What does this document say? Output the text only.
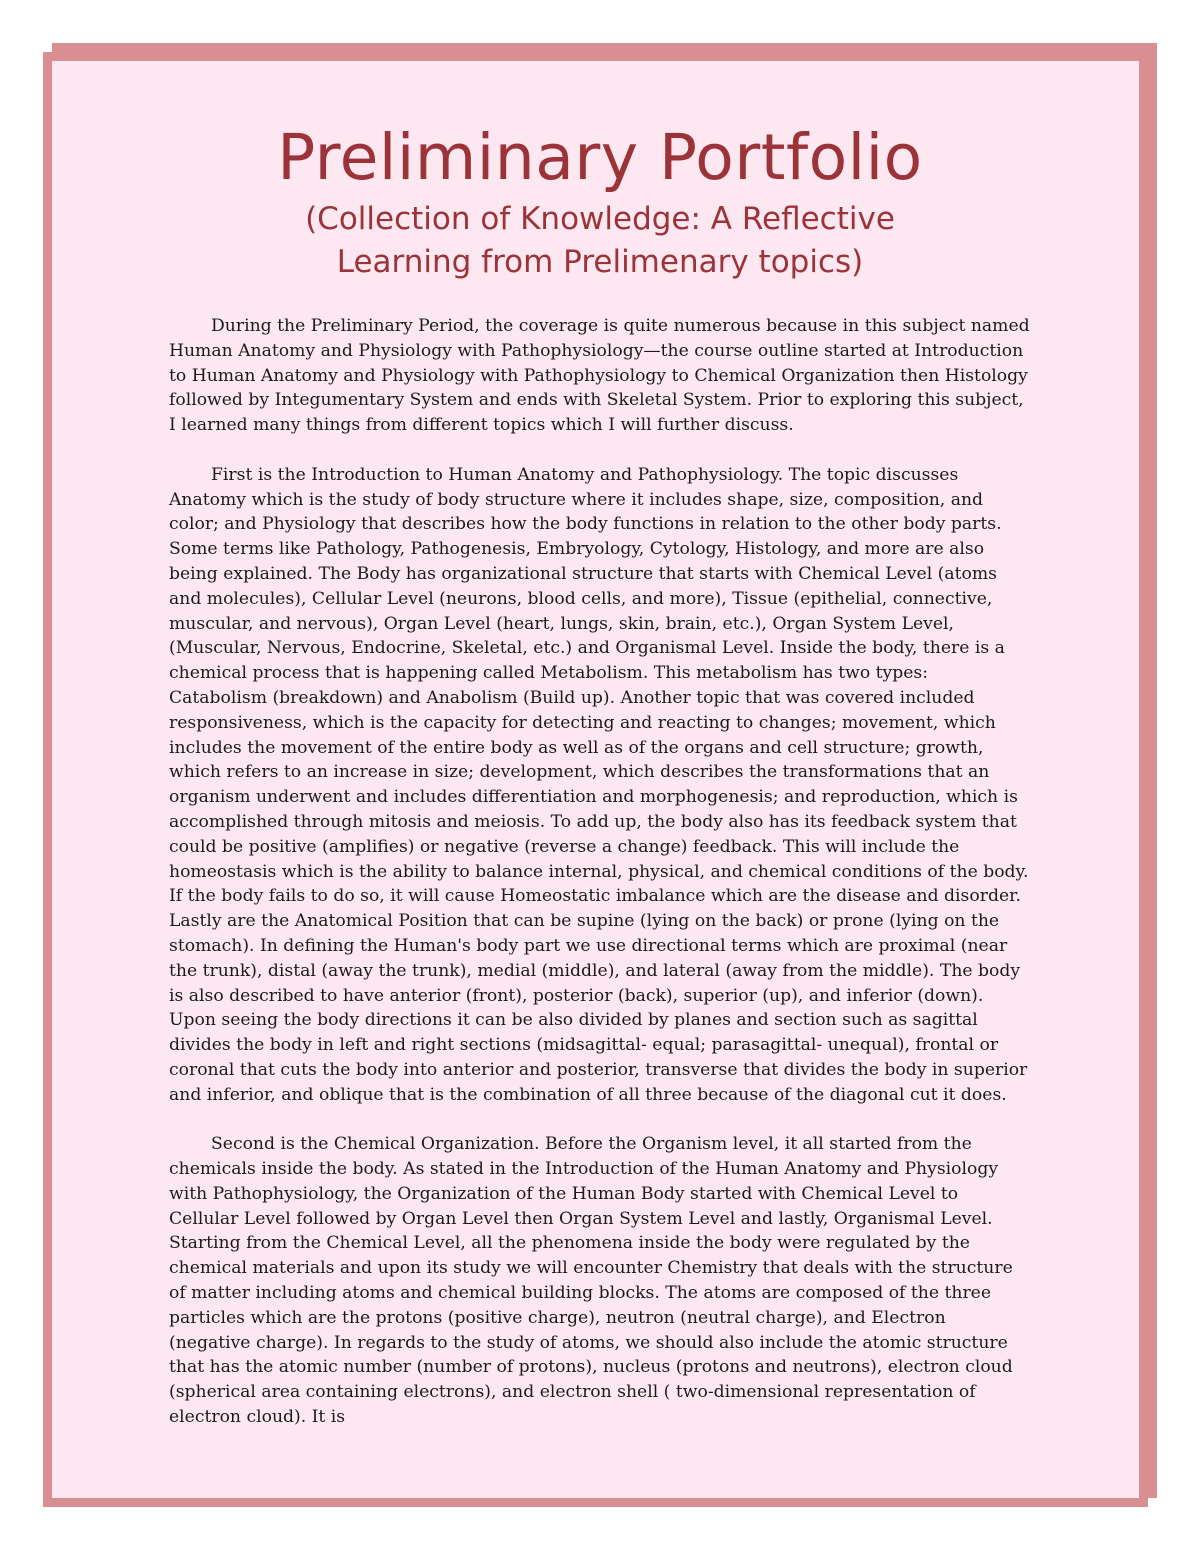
Preliminary Portfolio
(Collection of Knowledge: A Reflective Learning from Prelimenary topics)

During the Preliminary Period, the coverage is quite numerous because in this subject named Human Anatomy and Physiology with Pathophysiology—the course outline started at Introduction to Human Anatomy and Physiology with Pathophysiology to Chemical Organization then Histology followed by Integumentary System and ends with Skeletal System. Prior to exploring this subject, I learned many things from different topics which I will further discuss.

First is the Introduction to Human Anatomy and Pathophysiology. The topic discusses Anatomy which is the study of body structure where it includes shape, size, composition, and color; and Physiology that describes how the body functions in relation to the other body parts. Some terms like Pathology, Pathogenesis, Embryology, Cytology, Histology, and more are also being explained. The Body has organizational structure that starts with Chemical Level (atoms and molecules), Cellular Level (neurons, blood cells, and more), Tissue (epithelial, connective, muscular, and nervous), Organ Level (heart, lungs, skin, brain, etc.), Organ System Level, (Muscular, Nervous, Endocrine, Skeletal, etc.) and Organismal Level. Inside the body, there is a chemical process that is happening called Metabolism. This metabolism has two types: Catabolism (breakdown) and Anabolism (Build up). Another topic that was covered included responsiveness, which is the capacity for detecting and reacting to changes; movement, which includes the movement of the entire body as well as of the organs and cell structure; growth, which refers to an increase in size; development, which describes the transformations that an organism underwent and includes differentiation and morphogenesis; and reproduction, which is accomplished through mitosis and meiosis. To add up, the body also has its feedback system that could be positive (amplifies) or negative (reverse a change) feedback. This will include the homeostasis which is the ability to balance internal, physical, and chemical conditions of the body. If the body fails to do so, it will cause Homeostatic imbalance which are the disease and disorder. Lastly are the Anatomical Position that can be supine (lying on the back) or prone (lying on the stomach). In defining the Human's body part we use directional terms which are proximal (near the trunk), distal (away the trunk), medial (middle), and lateral (away from the middle). The body is also described to have anterior (front), posterior (back), superior (up), and inferior (down). Upon seeing the body directions it can be also divided by planes and section such as sagittal divides the body in left and right sections (midsagittal- equal; parasagittal- unequal), frontal or coronal that cuts the body into anterior and posterior, transverse that divides the body in superior and inferior, and oblique that is the combination of all three because of the diagonal cut it does.

Second is the Chemical Organization. Before the Organism level, it all started from the chemicals inside the body. As stated in the Introduction of the Human Anatomy and Physiology with Pathophysiology, the Organization of the Human Body started with Chemical Level to Cellular Level followed by Organ Level then Organ System Level and lastly, Organismal Level. Starting from the Chemical Level, all the phenomena inside the body were regulated by the chemical materials and upon its study we will encounter Chemistry that deals with the structure of matter including atoms and chemical building blocks. The atoms are composed of the three particles which are the protons (positive charge), neutron (neutral charge), and Electron (negative charge). In regards to the study of atoms, we should also include the atomic structure that has the atomic number (number of protons), nucleus (protons and neutrons), electron cloud (spherical area containing electrons), and electron shell ( two-dimensional representation of electron cloud). It is
